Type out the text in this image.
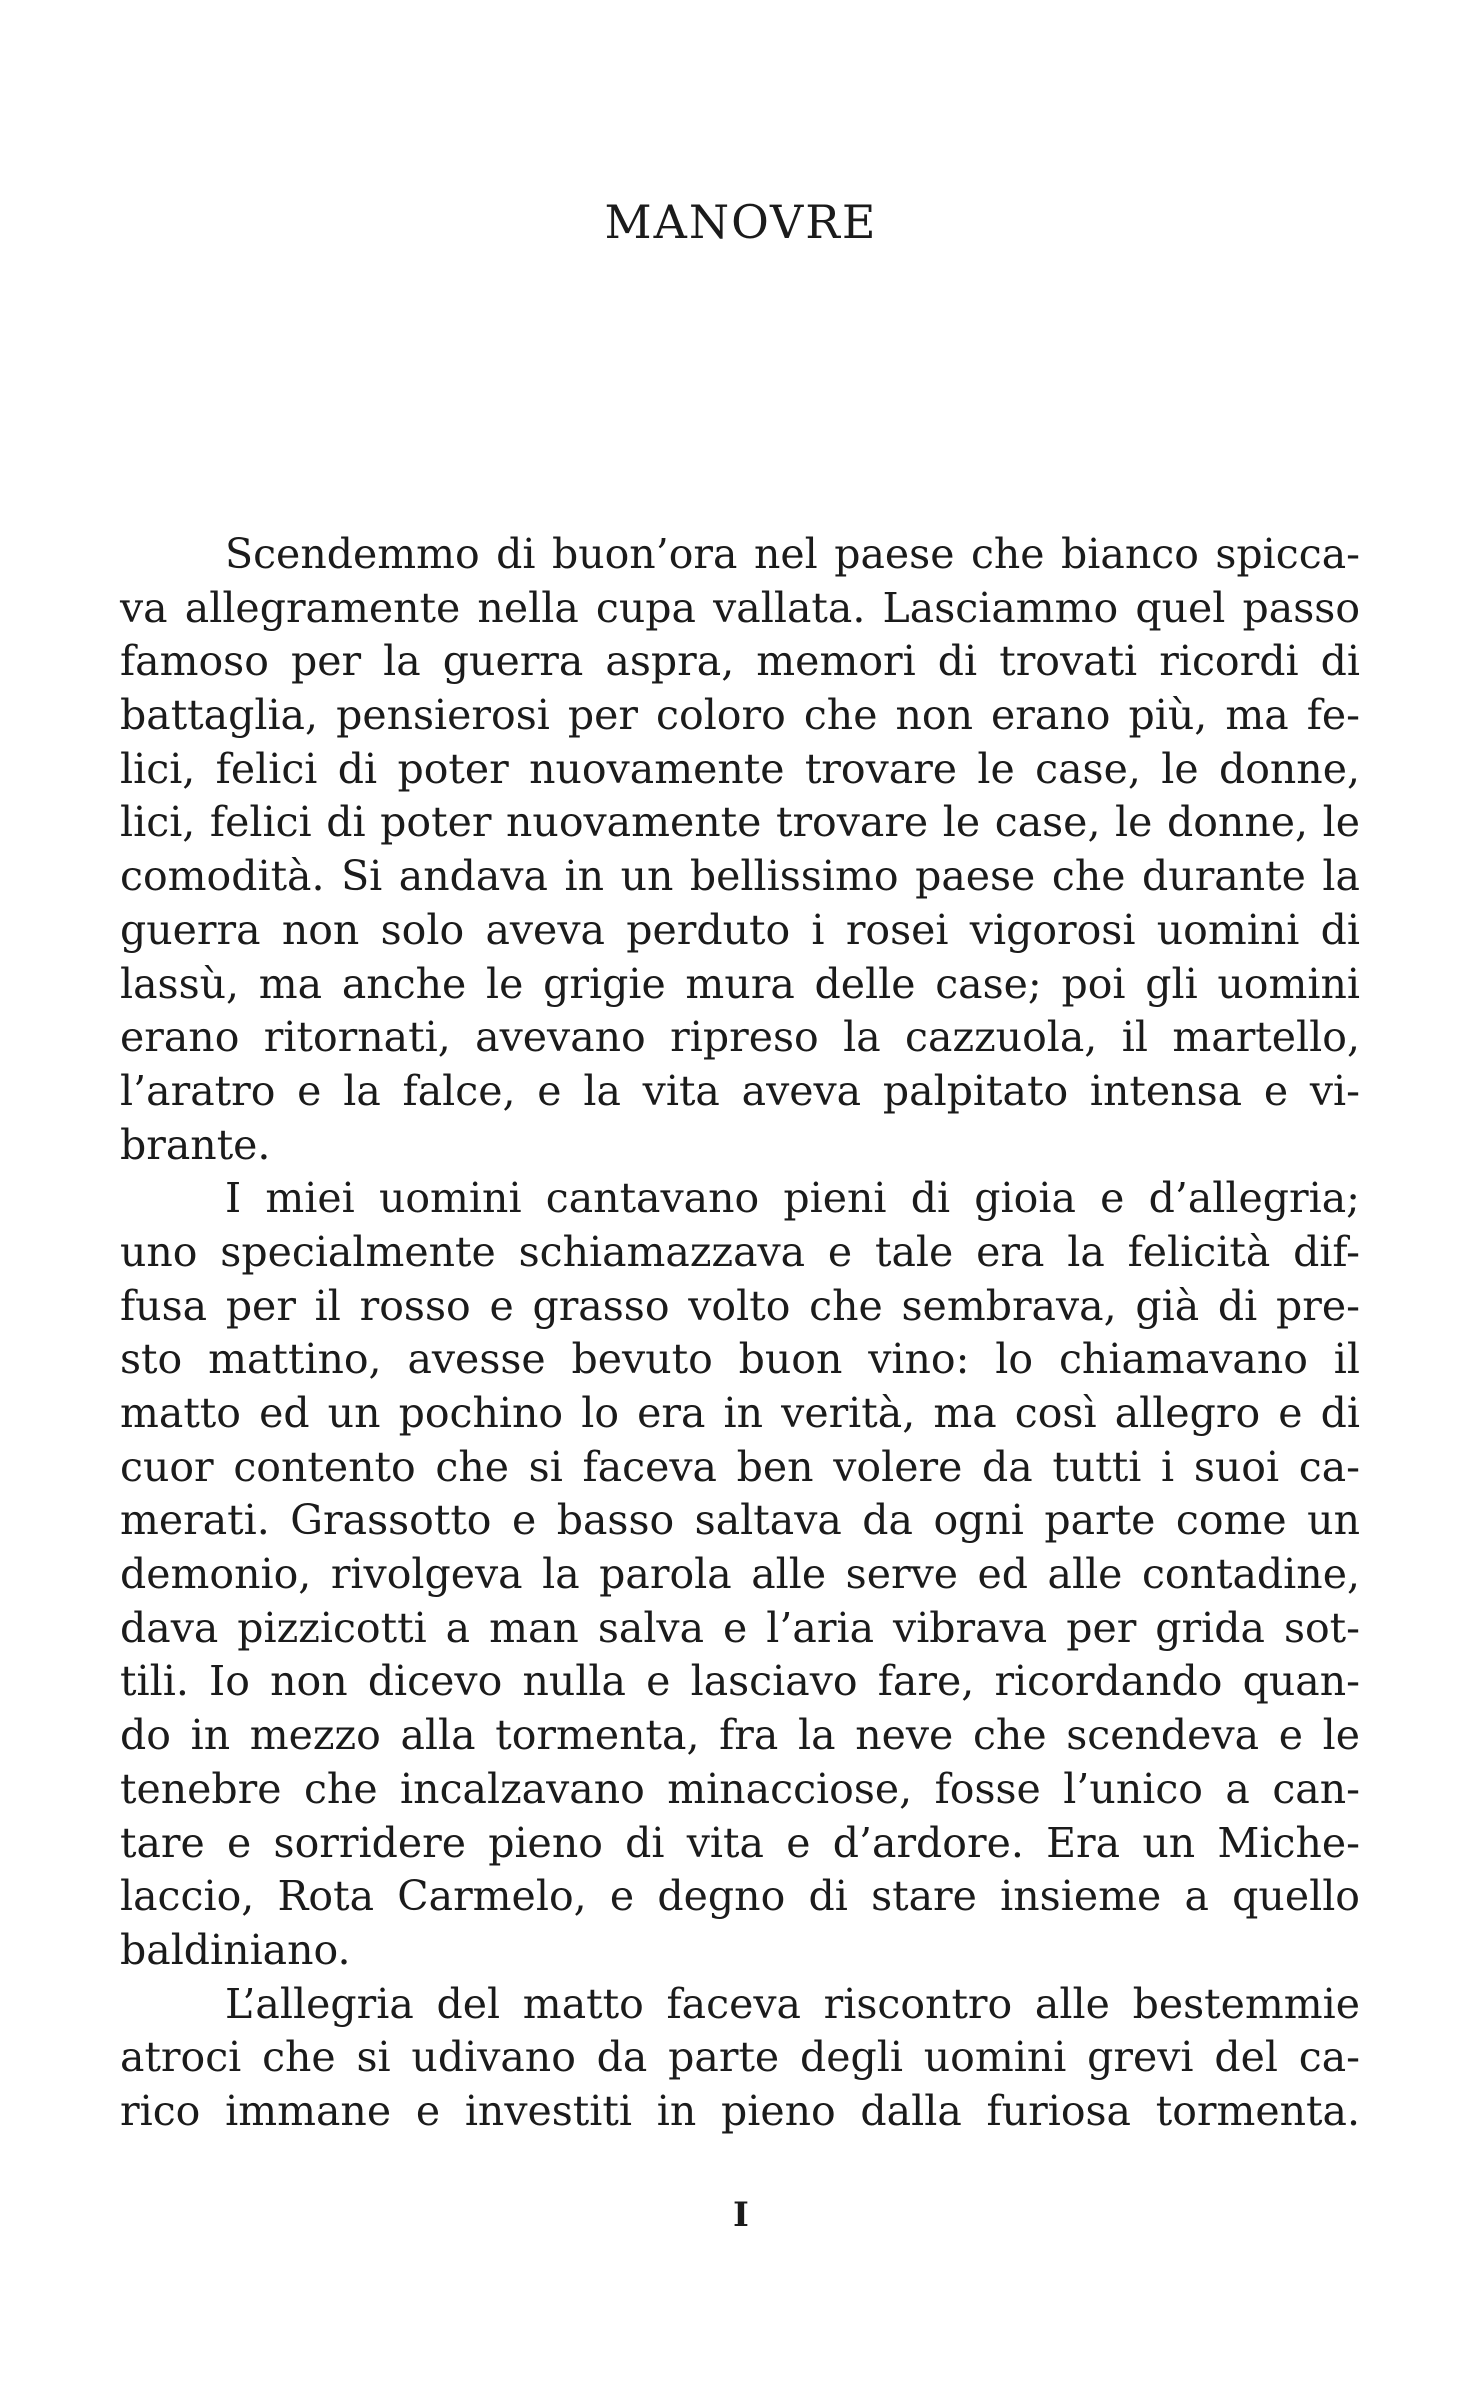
MANOVRE
Scendemmo di buon’ora nel paese che bianco spicca-
va allegramente nella cupa vallata. Lasciammo quel passo
famoso per la guerra aspra, memori di trovati ricordi di
battaglia, pensierosi per coloro che non erano più, ma fe-
lici, felici di poter nuovamente trovare le case, le donne,
lici, felici di poter nuovamente trovare le case, le donne, le
comodità. Si andava in un bellissimo paese che durante la
guerra non solo aveva perduto i rosei vigorosi uomini di
lassù, ma anche le grigie mura delle case; poi gli uomini
erano ritornati, avevano ripreso la cazzuola, il martello,
l’aratro e la falce, e la vita aveva palpitato intensa e vi-
brante.
I miei uomini cantavano pieni di gioia e d’allegria;
uno specialmente schiamazzava e tale era la felicità dif-
fusa per il rosso e grasso volto che sembrava, già di pre-
sto mattino, avesse bevuto buon vino: lo chiamavano il
matto ed un pochino lo era in verità, ma così allegro e di
cuor contento che si faceva ben volere da tutti i suoi ca-
merati. Grassotto e basso saltava da ogni parte come un
demonio, rivolgeva la parola alle serve ed alle contadine,
dava pizzicotti a man salva e l’aria vibrava per grida sot-
tili. Io non dicevo nulla e lasciavo fare, ricordando quan-
do in mezzo alla tormenta, fra la neve che scendeva e le
tenebre che incalzavano minacciose, fosse l’unico a can-
tare e sorridere pieno di vita e d’ardore. Era un Miche-
laccio, Rota Carmelo, e degno di stare insieme a quello
baldiniano.
L’allegria del matto faceva riscontro alle bestemmie
atroci che si udivano da parte degli uomini grevi del ca-
rico immane e investiti in pieno dalla furiosa tormenta.
I
